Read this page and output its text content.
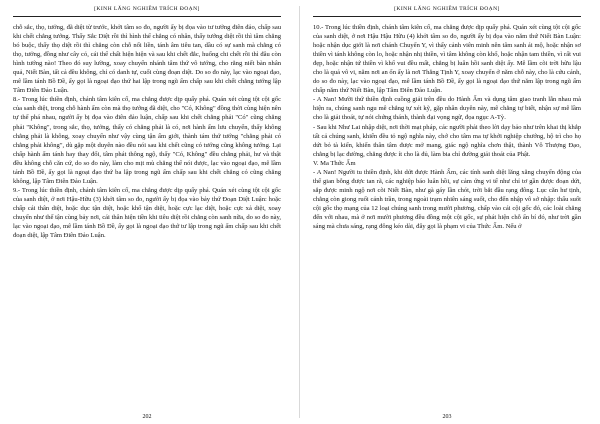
[KINH LĂNG NGHIÊM TRÍCH ĐOẠN]

chỗ sắc, thọ, tưởng, đã diệt từ trước, khởi tâm so đo, người ấy bị đọa vào tư tưởng điên đảo, chấp sau khi chết chẳng tướng. Thấy Sắc Diệt rồi thì hình thể chẳng có nhân, thấy tưởng diệt rồi thì tâm chẳng bó buộc, thấy thọ diệt rồi thì chẳng còn chỗ nối liền, tánh âm tiêu tan, dầu có sự sanh mà chẳng có thọ, tưởng, đồng như cây cỏ, cái thể chất hiện hiện và sau khi chết đắc, huống chi chết rồi thì đâu còn hình tướng nào! Theo đó suy lường, xoay chuyển nhánh tâm thứ vô tướng, cho rằng niết bàn nhân quả, Niết Bàn, tất cả đều không, chỉ có danh tự, cuối cùng đoạn diệt. Do so đo này, lạc vào ngoại đạo, mê lầm tánh Bồ Đề, ấy gọi là ngoại đạo thứ hai lập trong ngũ ấm chấp sau khi chết chẳng tướng lập Tâm Điên Đảo Luận.

8.- Trong lúc thiền định, chánh tâm kiên cố, ma chẳng được dịp quấy phá. Quán xét cùng tột cội gốc của sanh diệt, trong chỗ hành ấm còn mà thọ tưởng đã diệt, cho "Có, Không" đồng thời cùng hiện nên tự thể phá nhau, người ấy bị đọa vào điên đảo luận, chấp sau khi chết chẳng phải "Có" cũng chẳng phải "Không", trong sắc, thọ, tưởng, thấy có chẳng phải là có, nơi hành ấm lưu chuyển, thấy không chẳng phải là không, xoay chuyển như vậy cùng tận ấm giới, thành tám thứ tướng "chẳng phải có chẳng phải không", dù gặp một duyên nào đều nói sau khi chết cũng có tướng cũng không tướng. Lại chấp hành ấm tánh hay thay đổi, tâm phát thông ngộ, thấy "Có, Không" đều chẳng phải, hư và thật đều không chỗ căn cứ, do so đo này, làm cho mịt mù chẳng thể nói được, lạc vào ngoại đạo, mê lầm tánh Bồ Đề, ấy gọi là ngoại đạo thứ ba lập trong ngũ ấm chấp sau khi chết chẳng có cũng chẳng không, lập Tâm Điên Đảo Luận.

9.- Trong lúc thiền định, chánh tâm kiên cố, ma chẳng được dịp quấy phá. Quán xét cùng tột cội gốc của sanh diệt, ở nơi Hậu-Hữu (3) khởi tâm so đo, người ấy bị đọa vào bảy thứ Đoạn Diệt Luận: hoặc chấp cái thân diệt, hoặc dục tận diệt, hoặc khổ tận diệt, hoặc cực lạc diệt, hoặc cực xả diệt, xoay chuyển như thế tận cùng bảy nơi, cái thân hiện tiền khi tiêu diệt rồi chẳng còn sanh nữa, do so đo này, lạc vào ngoại đạo, mê lầm tánh Bồ Đề, ấy gọi là ngoại đạo thứ tư lập trong ngũ ấm chấp sau khi chết đoạn diệt, lập Tâm Điên Đảo Luận.

202
[KINH LĂNG NGHIÊM TRÍCH ĐOẠN]

10.- Trong lúc thiền định, chánh tâm kiên cố, ma chẳng được dịp quấy phá. Quán xét cùng tột cội gốc của sanh diệt, ở nơi Hậu Hậu Hữu (4) khởi tâm so đo, người ấy bị đọa vào năm thứ Niết Bàn Luận: hoặc nhận dục giới là nơi chánh Chuyển Y, vì thấy cảnh viên minh nên tâm sanh ái mộ, hoặc nhận sơ thiền vì tánh không còn lo, hoặc nhận nhị thiền, vì tâm không còn khổ, hoặc nhận tam thiền, vì rất vui đẹp, hoặc nhận tứ thiền vì khổ vui đều mất, chẳng bị luân hồi sanh diệt ấy. Mê lầm cõi trời hữu lậu cho là quả vô vi, năm nơi an ổn ấy là nơi Thắng Tịnh Y, xoay chuyển ở năm chỗ này, cho là cứu cánh, do so đo này, lạc vào ngoại đạo, mê lầm tánh Bồ Đề, ấy gọi là ngoại đạo thứ năm lập trong ngũ ấm chấp năm thứ Niết Bàn, lập Tâm Điên Đảo Luận.

- A Nan! Mười thứ thiền định cuồng giải trên đều do Hành Ấm và dụng tâm giao tranh lẫn nhau mà hiện ra, chúng sanh ngu mê chẳng tự xét kỹ, gặp nhân duyên này, mê chẳng tự biết, nhận sự mê lầm cho là giải thoát, tự nói chứng thánh, thành đại vọng ngữ, đọa ngục A-Tỳ.

- Sau khi Như Lai nhập diệt, nơi thời mạt pháp, các người phải theo lời dạy bảo như trên khai thị khắp tất cả chúng sanh, khiến đều tỏ ngộ nghĩa này, chớ cho tâm ma tự khởi nghiệp chướng, hộ trì cho họ dứt bỏ tà kiến, khiến thân tâm được mở mang, giác ngộ nghĩa chơn thật, thành Vô Thượng Đạo, chẳng bị lạc đường, chẳng được ít cho là đủ, làm bia chỉ đường giải thoát của Phật.

V. Ma Thức Ấm

- A Nan! Người tu thiền định, khi dứt được Hành Ấm, các tính sanh diệt lăng xăng chuyển động của thế gian bỗng được tan rã, các nghiệp báo luân hồi, sự cảm ứng vi tế như chỉ tơ gần được đoạn dứt, sắp được minh ngộ nơi cõi Niết Bàn, như gà gáy lần chót, trời bắt đầu rạng đông. Lục căn hư tịnh, chẳng còn giong ruổi cảnh trần, trong ngoài trạm nhiên sáng suốt, cho đến nhập vô sở nhập: thấu suốt cội gốc thọ mạng của 12 loại chúng sanh trong mười phương, chấp vào cái cội gốc đó, các loài chẳng đến với nhau, mà ở nơi mười phương đều đồng một cội gốc, sự phát hiện chỗ ẩn bí đó, như trời gần sáng mà chưa sáng, rạng đông kéo dài, đây gọi là phạm vi của Thức Ấm. Nếu ở

203
